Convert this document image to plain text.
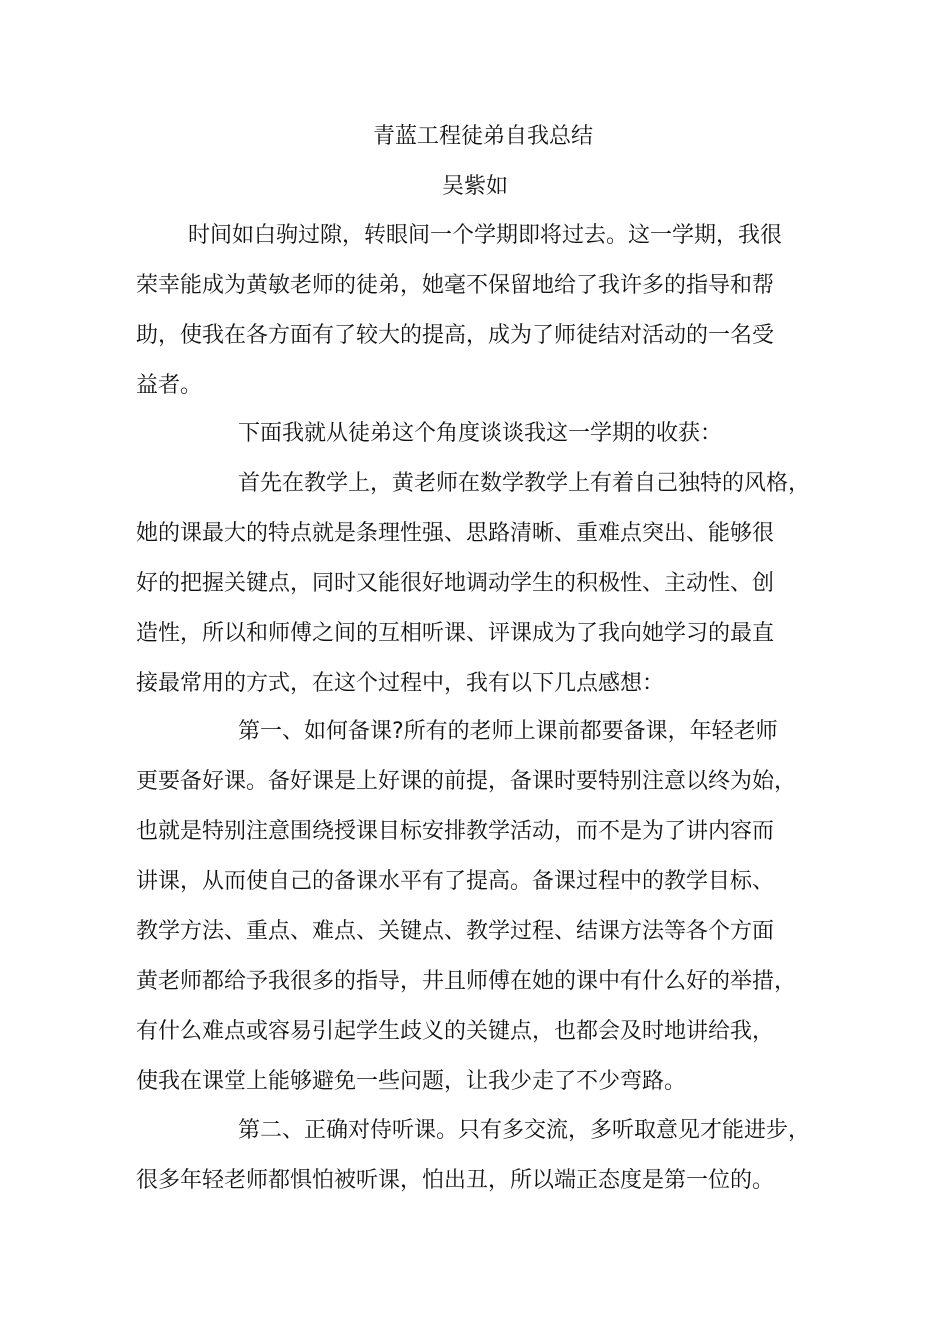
青蓝工程徒弟自我总结
吴紫如
时间如白驹过隙，转眼间一个学期即将过去。这一学期，我很
荣幸能成为黄敏老师的徒弟，她毫不保留地给了我许多的指导和帮
助，使我在各方面有了较大的提高，成为了师徒结对活动的一名受
益者。
下面我就从徒弟这个角度谈谈我这一学期的收获：
首先在教学上，黄老师在数学教学上有着自己独特的风格，
她的课最大的特点就是条理性强、思路清晰、重难点突出、能够很
好的把握关键点，同时又能很好地调动学生的积极性、主动性、创
造性，所以和师傅之间的互相听课、评课成为了我向她学习的最直
接最常用的方式，在这个过程中，我有以下几点感想：
第一、如何备课?所有的老师上课前都要备课，年轻老师
更要备好课。备好课是上好课的前提，备课时要特别注意以终为始，
也就是特别注意围绕授课目标安排教学活动，而不是为了讲内容而
讲课，从而使自己的备课水平有了提高。备课过程中的教学目标、
教学方法、重点、难点、关键点、教学过程、结课方法等各个方面
黄老师都给予我很多的指导，井且师傅在她的课中有什么好的举措，
有什么难点或容易引起学生歧义的关键点，也都会及时地讲给我，
使我在课堂上能够避免一些问题，让我少走了不少弯路。
第二、正确对侍听课。只有多交流，多听取意见才能进步，
很多年轻老师都惧怕被听课，怕出丑，所以端正态度是第一位的。
